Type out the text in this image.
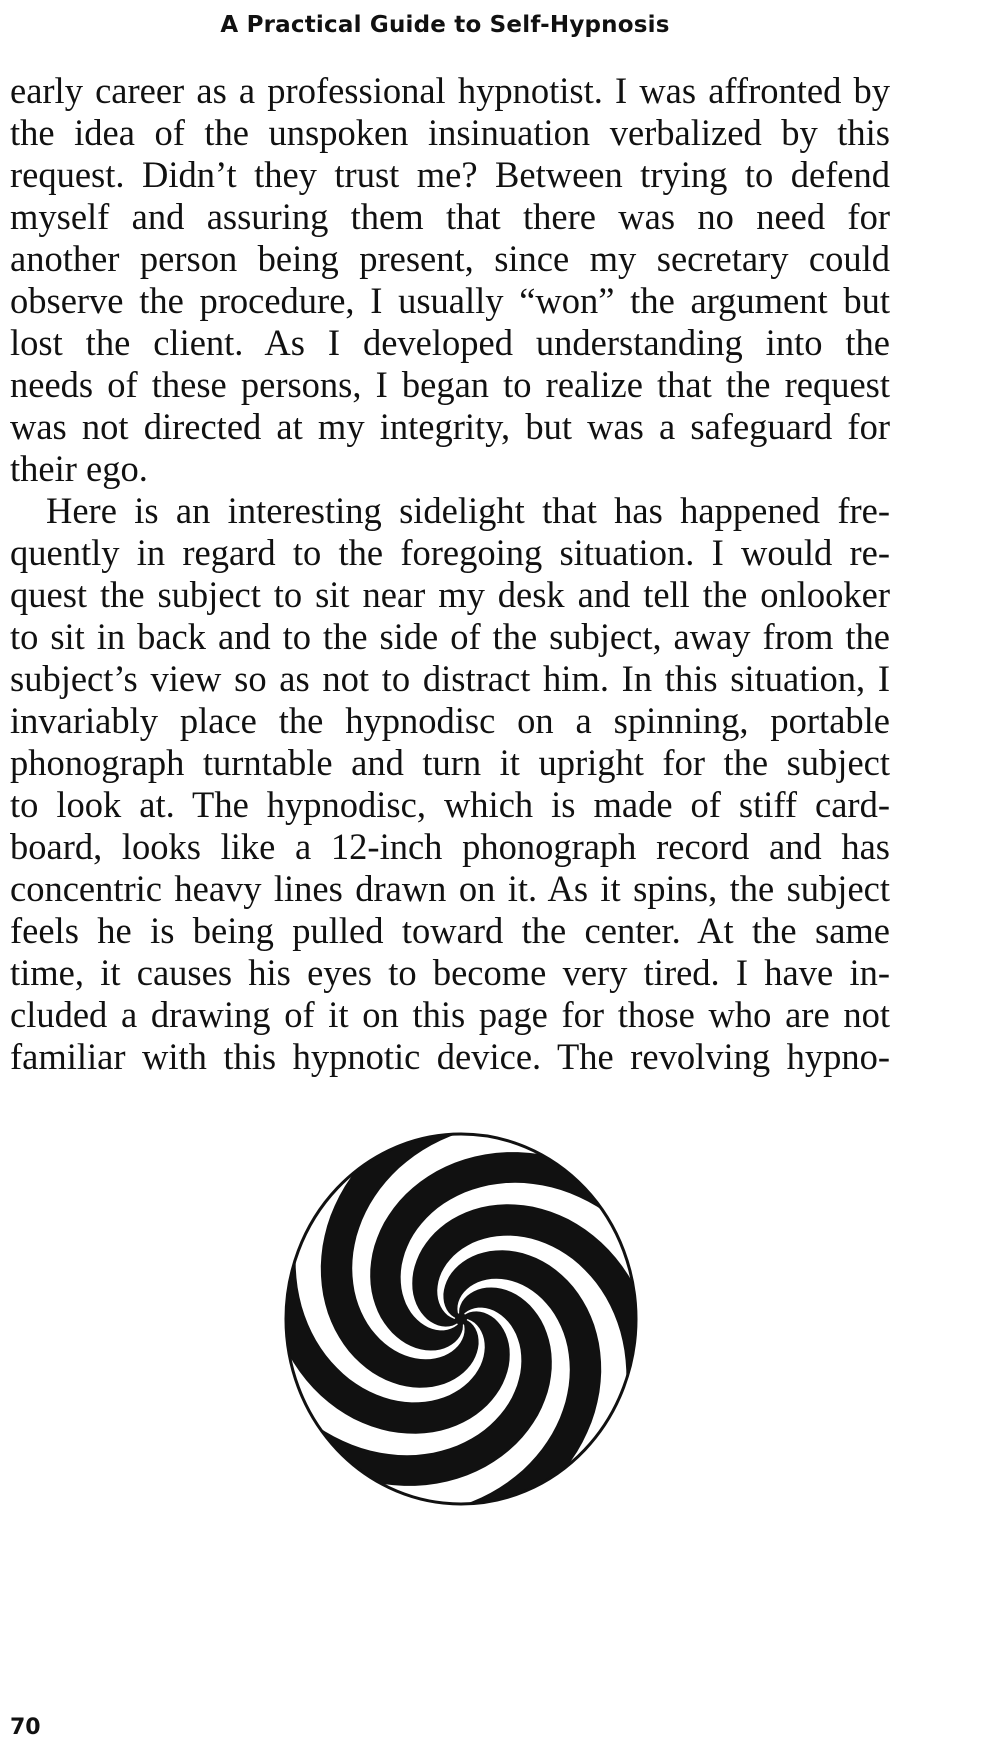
A Practical Guide to Self-Hypnosis
early career as a professional hypnotist. I was affronted by
the idea of the unspoken insinuation verbalized by this
request. Didn’t they trust me? Between trying to defend
myself and assuring them that there was no need for
another person being present, since my secretary could
observe the procedure, I usually “won” the argument but
lost the client. As I developed understanding into the
needs of these persons, I began to realize that the request
was not directed at my integrity, but was a safeguard for
their ego.
Here is an interesting sidelight that has happened fre-
quently in regard to the foregoing situation. I would re-
quest the subject to sit near my desk and tell the onlooker
to sit in back and to the side of the subject, away from the
subject’s view so as not to distract him. In this situation, I
invariably place the hypnodisc on a spinning, portable
phonograph turntable and turn it upright for the subject
to look at. The hypnodisc, which is made of stiff card-
board, looks like a 12-inch phonograph record and has
concentric heavy lines drawn on it. As it spins, the subject
feels he is being pulled toward the center. At the same
time, it causes his eyes to become very tired. I have in-
cluded a drawing of it on this page for those who are not
familiar with this hypnotic device. The revolving hypno-
70
